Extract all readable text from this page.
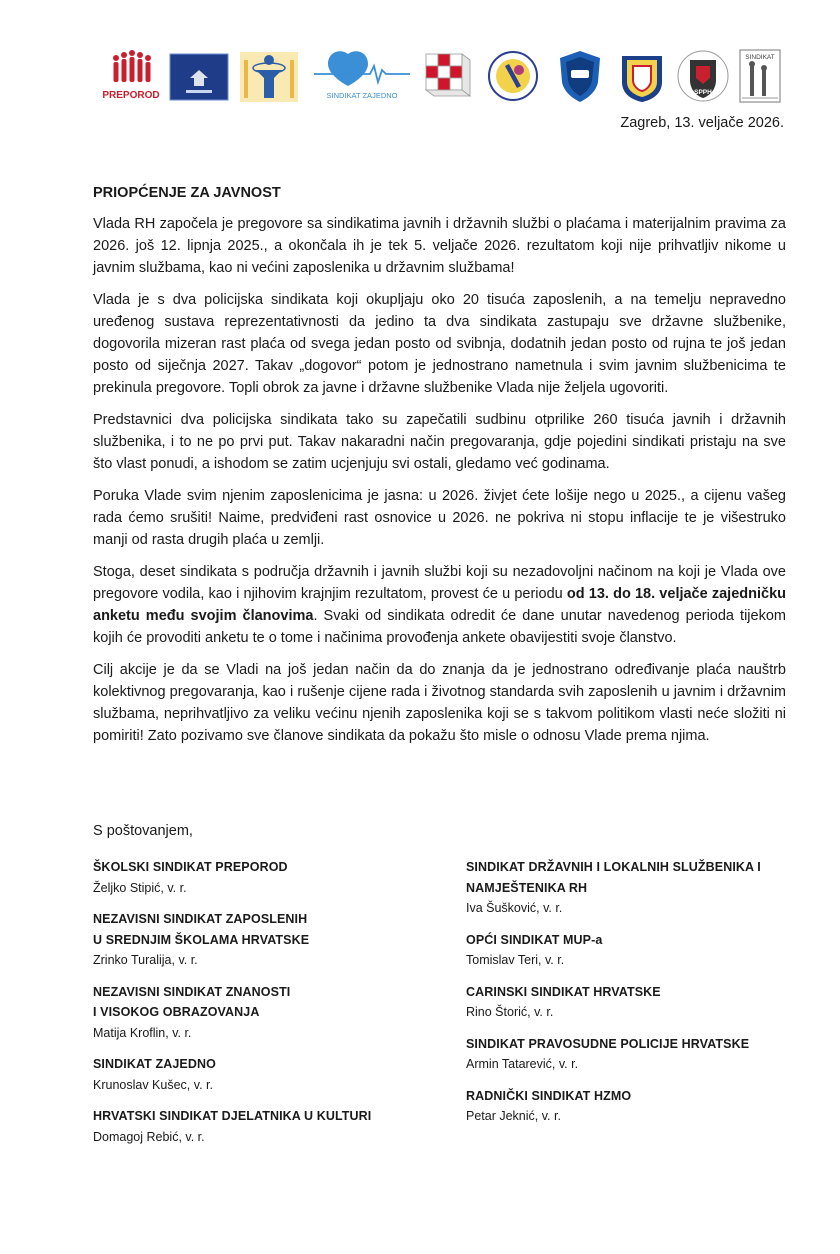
PREPOROD	SINDIKAT ZAJEDNO	SPPH
SINDIKAT
Zagreb, 13. veljače 2026.
PRIOPĆENJE ZA JAVNOST

Vlada RH započela je pregovore sa sindikatima javnih i državnih službi o plaćama i materijalnim pravima za 2026. još 12. lipnja 2025., a okončala ih je tek 5. veljače 2026. rezultatom koji nije prihvatljiv nikome u javnim službama, kao ni većini zaposlenika u državnim službama!

Vlada je s dva policijska sindikata koji okupljaju oko 20 tisuća zaposlenih, a na temelju nepravedno uređenog sustava reprezentativnosti da jedino ta dva sindikata zastupaju sve državne službenike, dogovorila mizeran rast plaća od svega jedan posto od svibnja, dodatnih jedan posto od rujna te još jedan posto od siječnja 2027. Takav „dogovor“ potom je jednostrano nametnula i svim javnim službenicima te prekinula pregovore. Topli obrok za javne i državne službenike Vlada nije željela ugovoriti.

Predstavnici dva policijska sindikata tako su zapečatili sudbinu otprilike 260 tisuća javnih i državnih službenika, i to ne po prvi put. Takav nakaradni način pregovaranja, gdje pojedini sindikati pristaju na sve što vlast ponudi, a ishodom se zatim ucjenjuju svi ostali, gledamo već godinama.

Poruka Vlade svim njenim zaposlenicima je jasna: u 2026. živjet ćete lošije nego u 2025., a cijenu vašeg rada ćemo srušiti! Naime, predviđeni rast osnovice u 2026. ne pokriva ni stopu inflacije te je višestruko manji od rasta drugih plaća u zemlji.

Stoga, deset sindikata s područja državnih i javnih službi koji su nezadovoljni načinom na koji je Vlada ove pregovore vodila, kao i njihovim krajnjim rezultatom, provest će u periodu od 13. do 18. veljače zajedničku anketu među svojim članovima. Svaki od sindikata odredit će dane unutar navedenog perioda tijekom kojih će provoditi anketu te o tome i načinima provođenja ankete obavijestiti svoje članstvo.

Cilj akcije je da se Vladi na još jedan način da do znanja da je jednostrano određivanje plaća nauštrb kolektivnog pregovaranja, kao i rušenje cijene rada i životnog standarda svih zaposlenih u javnim i državnim službama, neprihvatljivo za veliku većinu njenih zaposlenika koji se s takvom politikom vlasti neće složiti ni pomiriti! Zato pozivamo sve članove sindikata da pokažu što misle o odnosu Vlade prema njima.

S poštovanjem,
ŠKOLSKI SINDIKAT PREPOROD
Željko Stipić, v. r.
NEZAVISNI SINDIKAT ZAPOSLENIH
U SREDNJIM ŠKOLAMA HRVATSKE
Zrinko Turalija, v. r.
NEZAVISNI SINDIKAT ZNANOSTI
I VISOKOG OBRAZOVANJA
Matija Kroflin, v. r.
SINDIKAT ZAJEDNO
Krunoslav Kušec, v. r.
HRVATSKI SINDIKAT DJELATNIKA U KULTURI
Domagoj Rebić, v. r.
SINDIKAT DRŽAVNIH I LOKALNIH SLUŽBENIKA I
NAMJEŠTENIKA RH
Iva Šušković, v. r.
OPĆI SINDIKAT MUP-a
Tomislav Teri, v. r.
CARINSKI SINDIKAT HRVATSKE
Rino Štorić, v. r.
SINDIKAT PRAVOSUDNE POLICIJE HRVATSKE
Armin Tatarević, v. r.
RADNIČKI SINDIKAT HZMO
Petar Jeknić, v. r.
